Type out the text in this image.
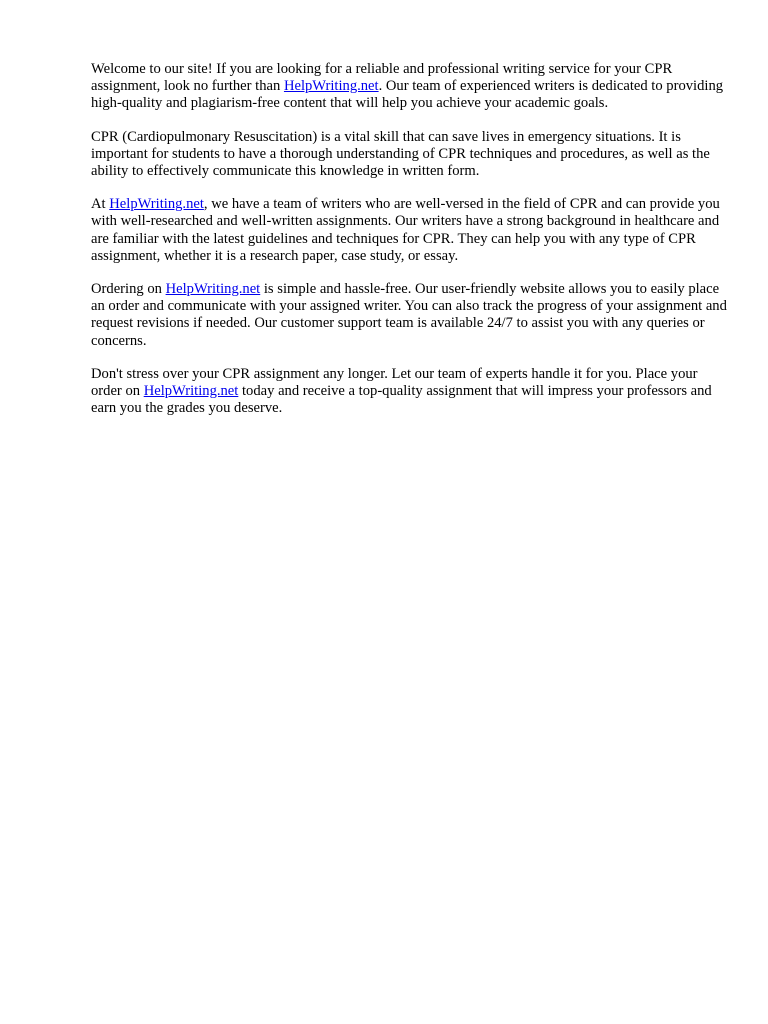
Welcome to our site! If you are looking for a reliable and professional writing service for your CPR assignment, look no further than HelpWriting.net. Our team of experienced writers is dedicated to providing high-quality and plagiarism-free content that will help you achieve your academic goals.

CPR (Cardiopulmonary Resuscitation) is a vital skill that can save lives in emergency situations. It is important for students to have a thorough understanding of CPR techniques and procedures, as well as the ability to effectively communicate this knowledge in written form.

At HelpWriting.net, we have a team of writers who are well-versed in the field of CPR and can provide you with well-researched and well-written assignments. Our writers have a strong background in healthcare and are familiar with the latest guidelines and techniques for CPR. They can help you with any type of CPR assignment, whether it is a research paper, case study, or essay.

Ordering on HelpWriting.net is simple and hassle-free. Our user-friendly website allows you to easily place an order and communicate with your assigned writer. You can also track the progress of your assignment and request revisions if needed. Our customer support team is available 24/7 to assist you with any queries or concerns.

Don't stress over your CPR assignment any longer. Let our team of experts handle it for you. Place your order on HelpWriting.net today and receive a top-quality assignment that will impress your professors and earn you the grades you deserve.
